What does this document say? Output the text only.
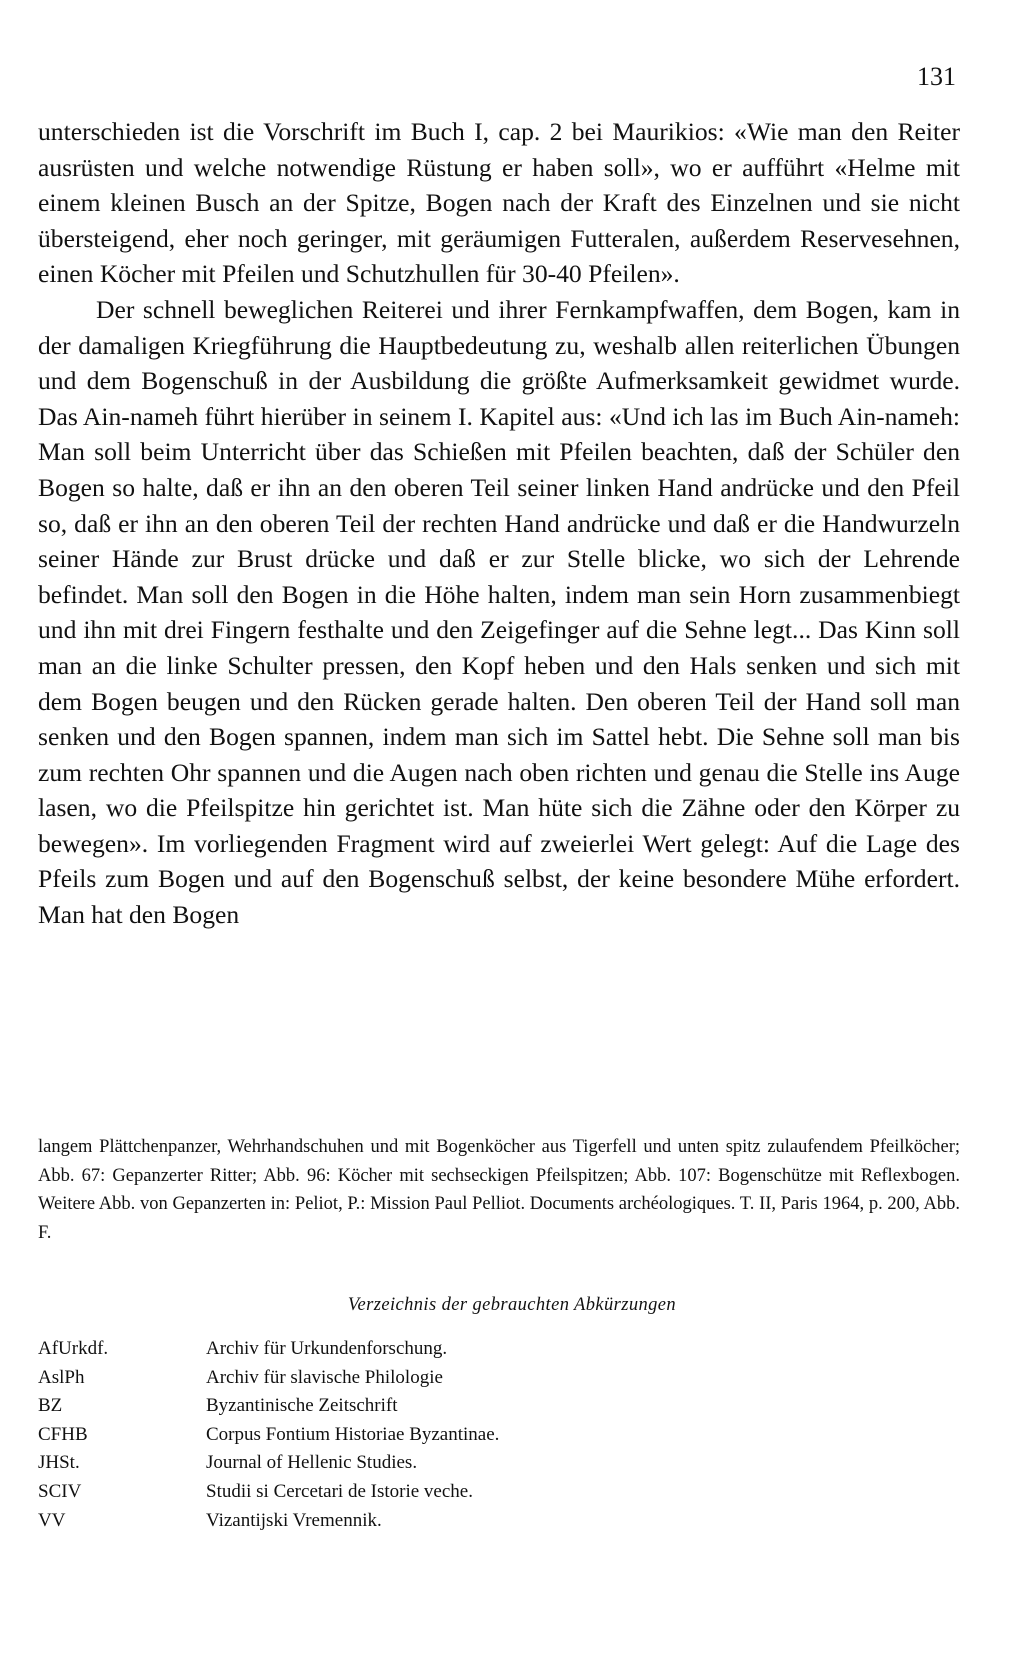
131

unterschieden ist die Vorschrift im Buch I, cap. 2 bei Maurikios: «Wie man den Reiter ausrüsten und welche notwendige Rüstung er haben soll», wo er aufführt «Helme mit einem kleinen Busch an der Spitze, Bogen nach der Kraft des Einzelnen und sie nicht übersteigend, eher noch geringer, mit geräumigen Futteralen, außerdem Reservesehnen, einen Köcher mit Pfeilen und Schutzhullen für 30-40 Pfeilen».

Der schnell beweglichen Reiterei und ihrer Fernkampfwaffen, dem Bogen, kam in der damaligen Kriegführung die Hauptbedeutung zu, weshalb allen reiterlichen Übungen und dem Bogenschuß in der Ausbildung die größte Aufmerksamkeit gewidmet wurde. Das Ain-nameh führt hierüber in seinem I. Kapitel aus: «Und ich las im Buch Ain-nameh: Man soll beim Unterricht über das Schießen mit Pfeilen beachten, daß der Schüler den Bogen so halte, daß er ihn an den oberen Teil seiner linken Hand andrücke und den Pfeil so, daß er ihn an den oberen Teil der rechten Hand andrücke und daß er die Handwurzeln seiner Hände zur Brust drücke und daß er zur Stelle blicke, wo sich der Lehrende befindet. Man soll den Bogen in die Höhe halten, indem man sein Horn zusammenbiegt und ihn mit drei Fingern festhalte und den Zeigefinger auf die Sehne legt... Das Kinn soll man an die linke Schulter pressen, den Kopf heben und den Hals senken und sich mit dem Bogen beugen und den Rücken gerade halten. Den oberen Teil der Hand soll man senken und den Bogen spannen, indem man sich im Sattel hebt. Die Sehne soll man bis zum rechten Ohr spannen und die Augen nach oben richten und genau die Stelle ins Auge lasen, wo die Pfeilspitze hin gerichtet ist. Man hüte sich die Zähne oder den Körper zu bewegen». Im vorliegenden Fragment wird auf zweierlei Wert gelegt: Auf die Lage des Pfeils zum Bogen und auf den Bogenschuß selbst, der keine besondere Mühe erfordert. Man hat den Bogen

langem Plättchenpanzer, Wehrhandschuhen und mit Bogenköcher aus Tigerfell und unten spitz zulaufendem Pfeilköcher; Abb. 67: Gepanzerter Ritter; Abb. 96: Köcher mit sechseckigen Pfeilspitzen; Abb. 107: Bogenschütze mit Reflexbogen. Weitere Abb. von Gepanzerten in: Peliot, P.: Mission Paul Pelliot. Documents archéologiques. T. II, Paris 1964, p. 200, Abb. F.

Verzeichnis der gebrauchten Abkürzungen
AfUrkdf.	Archiv für Urkundenforschung.
AslPh	Archiv für slavische Philologie
BZ	Byzantinische Zeitschrift
CFHB	Corpus Fontium Historiae Byzantinae.
JHSt.	Journal of Hellenic Studies.
SCIV	Studii si Cercetari de Istorie veche.
VV	Vizantijski Vremennik.
